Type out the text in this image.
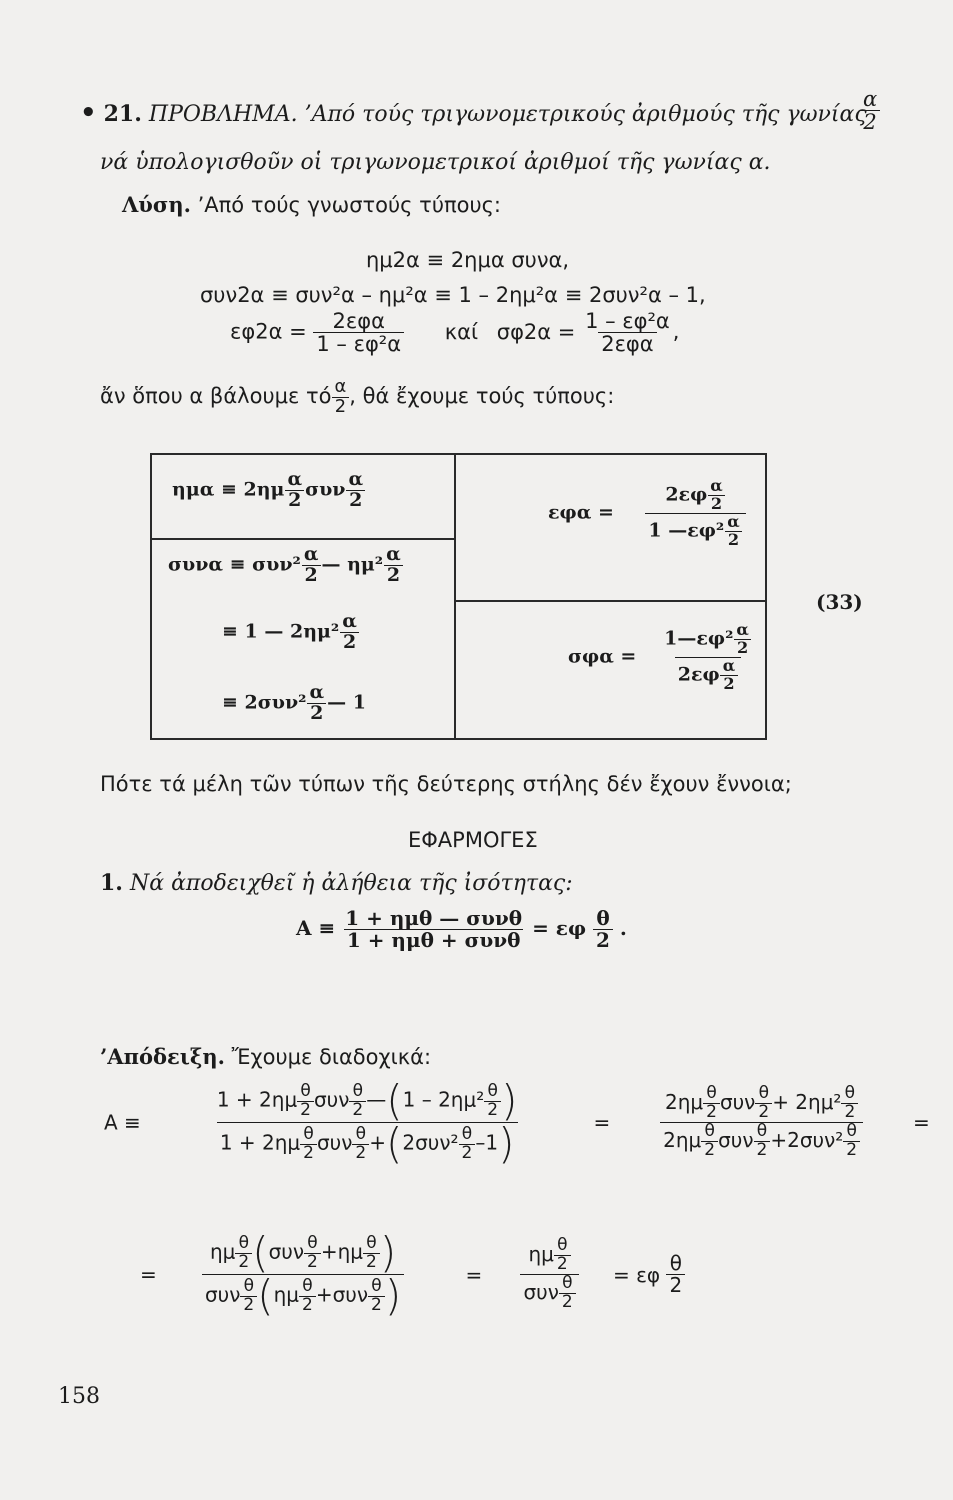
• 21. ΠΡΟΒΛΗΜΑ. ’Από τούς τριγωνομετρικούς ἀριθμούς τῆς γωνίας
$\frac{\alpha}{2}$
νά ὑπολογισθοῦν οἱ τριγωνομετρικοί ἀριθμοί τῆς γωνίας α.
Λύση. ’Από τούς γνωστούς τύπους:
ημ2α ≡ 2ημα συνα,
συν2α ≡ συν²α – ημ²α ≡ 1 – 2ημ²α ≡ 2συν²α – 1,
$\varepsilon\varphi 2\alpha = \frac{\text{2εφα}}{\text{1 – εφ²α}}$ καί $\sigma\varphi 2\alpha = \frac{\text{1 – εφ²α}}{\text{2εφα}}$ ,
ἄν ὅπου α βάλουμε τό $\frac{\alpha}{2}$ , θά ἔχουμε τούς τύπους:
$\eta\mu\alpha \equiv 2\eta\mu \frac{\alpha}{2}$ συν $\frac{\alpha}{2}$
$\sigma\upsilon\nu\alpha \equiv \sigma\upsilon\nu^2 \frac{\alpha}{2}$ — $\eta\mu^2 \frac{\alpha}{2}$
≡ 1 — $2\eta\mu^2 \frac{\alpha}{2}$
≡ $2\sigma\upsilon\nu^2 \frac{\alpha}{2}$ — 1
$\varepsilon\varphi\alpha = \frac{2\varepsilon\varphi \frac{\alpha}{2}}{1 —\varepsilon\varphi^2 \frac{\alpha}{2}}$
$\sigma\varphi\alpha = \frac{1—\varepsilon\varphi^2 \frac{\alpha}{2}}{2\varepsilon\varphi \frac{\alpha}{2}}$
(33)
Πότε τά μέλη τῶν τύπων τῆς δεύτερης στήλης δέν ἔχουν ἔννοια;
ΕΦΑΡΜΟΓΕΣ
1. Νά ἀποδειχθεῖ ἡ ἀλήθεια τῆς ἰσότητας:
$A \equiv \frac{\text{1 + ημθ — συνθ}}{\text{1 + ημθ + συνθ}} = \varepsilon\varphi \frac{\theta}{2}$ .
’Απόδειξη. Ἔχουμε διαδοχικά:
$A \equiv \frac{1 + 2\eta\mu \frac{\theta}{2} \sigma\upsilon\nu \frac{\theta}{2} —(1 - 2\eta\mu^2 \frac{\theta}{2} )}{1 + 2\eta\mu \frac{\theta}{2} \sigma\upsilon\nu \frac{\theta}{2} +(2\sigma\upsilon\nu^2 \frac{\theta}{2} -1)} = \frac{2\eta\mu \frac{\theta}{2} \sigma\upsilon\nu \frac{\theta}{2} + 2\eta\mu^2 \frac{\theta}{2}}{2\eta\mu \frac{\theta}{2} \sigma\upsilon\nu \frac{\theta}{2} +2\sigma\upsilon\nu^2 \frac{\theta}{2}}$ =
= $\frac{\eta\mu \frac{\theta}{2} (\sigma\upsilon\nu \frac{\theta}{2} +\eta\mu \frac{\theta}{2} )}{\sigma\upsilon\nu \frac{\theta}{2} (\eta\mu \frac{\theta}{2} +\sigma\upsilon\nu \frac{\theta}{2} )} = \frac{\eta\mu \frac{\theta}{2}}{\sigma\upsilon\nu \frac{\theta}{2}} = \varepsilon\varphi \frac{\theta}{2}$
158
